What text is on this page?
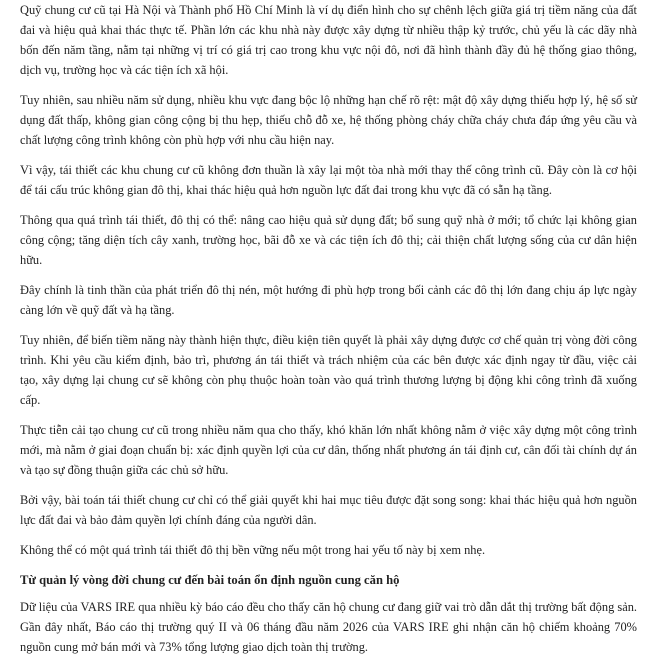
Quỹ chung cư cũ tại Hà Nội và Thành phố Hồ Chí Minh là ví dụ điển hình cho sự chênh lệch giữa giá trị tiềm năng của đất đai và hiệu quả khai thác thực tế. Phần lớn các khu nhà này được xây dựng từ nhiều thập kỷ trước, chủ yếu là các dãy nhà bốn đến năm tầng, nằm tại những vị trí có giá trị cao trong khu vực nội đô, nơi đã hình thành đầy đủ hệ thống giao thông, dịch vụ, trường học và các tiện ích xã hội.

Tuy nhiên, sau nhiều năm sử dụng, nhiều khu vực đang bộc lộ những hạn chế rõ rệt: mật độ xây dựng thiếu hợp lý, hệ số sử dụng đất thấp, không gian công cộng bị thu hẹp, thiếu chỗ đỗ xe, hệ thống phòng cháy chữa cháy chưa đáp ứng yêu cầu và chất lượng công trình không còn phù hợp với nhu cầu hiện nay.

Vì vậy, tái thiết các khu chung cư cũ không đơn thuần là xây lại một tòa nhà mới thay thế công trình cũ. Đây còn là cơ hội để tái cấu trúc không gian đô thị, khai thác hiệu quả hơn nguồn lực đất đai trong khu vực đã có sẵn hạ tầng.

Thông qua quá trình tái thiết, đô thị có thể: nâng cao hiệu quả sử dụng đất; bổ sung quỹ nhà ở mới; tổ chức lại không gian công cộng; tăng diện tích cây xanh, trường học, bãi đỗ xe và các tiện ích đô thị; cải thiện chất lượng sống của cư dân hiện hữu.

Đây chính là tinh thần của phát triển đô thị nén, một hướng đi phù hợp trong bối cảnh các đô thị lớn đang chịu áp lực ngày càng lớn về quỹ đất và hạ tầng.

Tuy nhiên, để biến tiềm năng này thành hiện thực, điều kiện tiên quyết là phải xây dựng được cơ chế quản trị vòng đời công trình. Khi yêu cầu kiểm định, bảo trì, phương án tái thiết và trách nhiệm của các bên được xác định ngay từ đầu, việc cải tạo, xây dựng lại chung cư sẽ không còn phụ thuộc hoàn toàn vào quá trình thương lượng bị động khi công trình đã xuống cấp.

Thực tiễn cải tạo chung cư cũ trong nhiều năm qua cho thấy, khó khăn lớn nhất không nằm ở việc xây dựng một công trình mới, mà nằm ở giai đoạn chuẩn bị: xác định quyền lợi của cư dân, thống nhất phương án tái định cư, cân đối tài chính dự án và tạo sự đồng thuận giữa các chủ sở hữu.

Bởi vậy, bài toán tái thiết chung cư chỉ có thể giải quyết khi hai mục tiêu được đặt song song: khai thác hiệu quả hơn nguồn lực đất đai và bảo đảm quyền lợi chính đáng của người dân.

Không thể có một quá trình tái thiết đô thị bền vững nếu một trong hai yếu tố này bị xem nhẹ.

Từ quản lý vòng đời chung cư đến bài toán ổn định nguồn cung căn hộ

Dữ liệu của VARS IRE qua nhiều kỳ báo cáo đều cho thấy căn hộ chung cư đang giữ vai trò dẫn dắt thị trường bất động sản. Gần đây nhất, Báo cáo thị trường quý II và 06 tháng đầu năm 2026 của VARS IRE ghi nhận căn hộ chiếm khoảng 70% nguồn cung mở bán mới và 73% tổng lượng giao dịch toàn thị trường.
